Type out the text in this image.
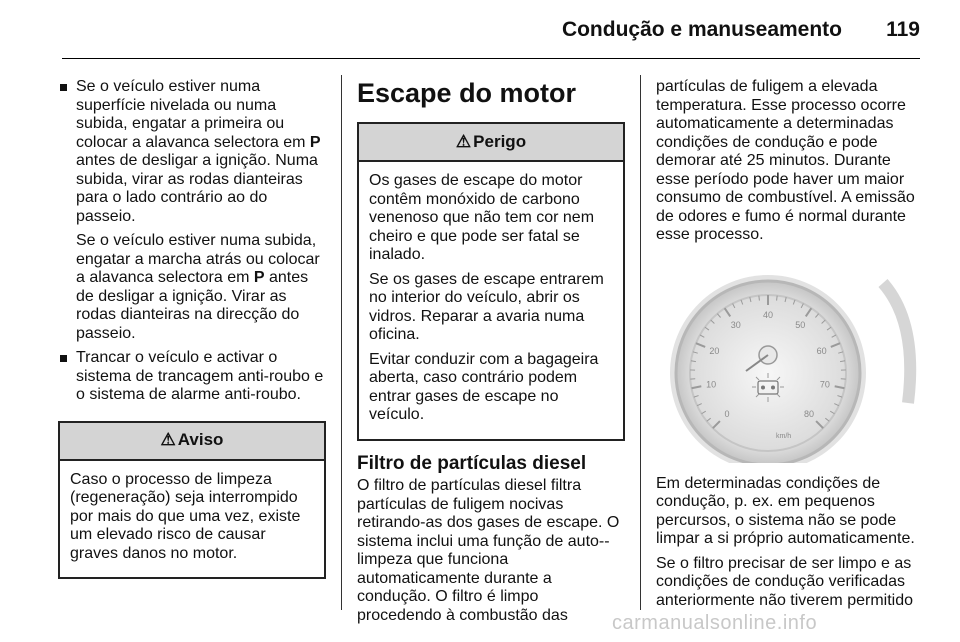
Condução e manuseamento 119

Se o veículo estiver numa superfície nivelada ou numa subida, engatar a primeira ou colocar a alavanca selectora em P antes de desligar a ignição. Numa subida, virar as rodas dianteiras para o lado contrário ao do passeio.

Se o veículo estiver numa subida, engatar a marcha atrás ou colocar a alavanca selectora em P antes de desligar a ignição. Virar as rodas dianteiras na direcção do passeio.

Trancar o veículo e activar o sistema de trancagem anti-roubo e o sistema de alarme anti-roubo.

⚠ Aviso

Caso o processo de limpeza (regeneração) seja interrompido por mais do que uma vez, existe um elevado risco de causar graves danos no motor.

Escape do motor
⚠ Perigo

Os gases de escape do motor contêm monóxido de carbono venenoso que não tem cor nem cheiro e que pode ser fatal se inalado.

Se os gases de escape entrarem no interior do veículo, abrir os vidros. Reparar a avaria numa oficina.

Evitar conduzir com a bagageira aberta, caso contrário podem entrar gases de escape no veículo.

Filtro de partículas diesel

O filtro de partículas diesel filtra partículas de fuligem nocivas retirando-as dos gases de escape. O sistema inclui uma função de auto--limpeza que funciona automaticamente durante a condução. O filtro é limpo procedendo à combustão das

partículas de fuligem a elevada temperatura. Esse processo ocorre automaticamente a determinadas condições de condução e pode demorar até 25 minutos. Durante esse período pode haver um maior consumo de combustível. A emissão de odores e fumo é normal durante esse processo.

0
10
20
30
40
50
60
70
80
km/h

Em determinadas condições de condução, p. ex. em pequenos percursos, o sistema não se pode limpar a si próprio automaticamente.

Se o filtro precisar de ser limpo e as condições de condução verificadas anteriormente não tiverem permitido

carmanualsonline.info
